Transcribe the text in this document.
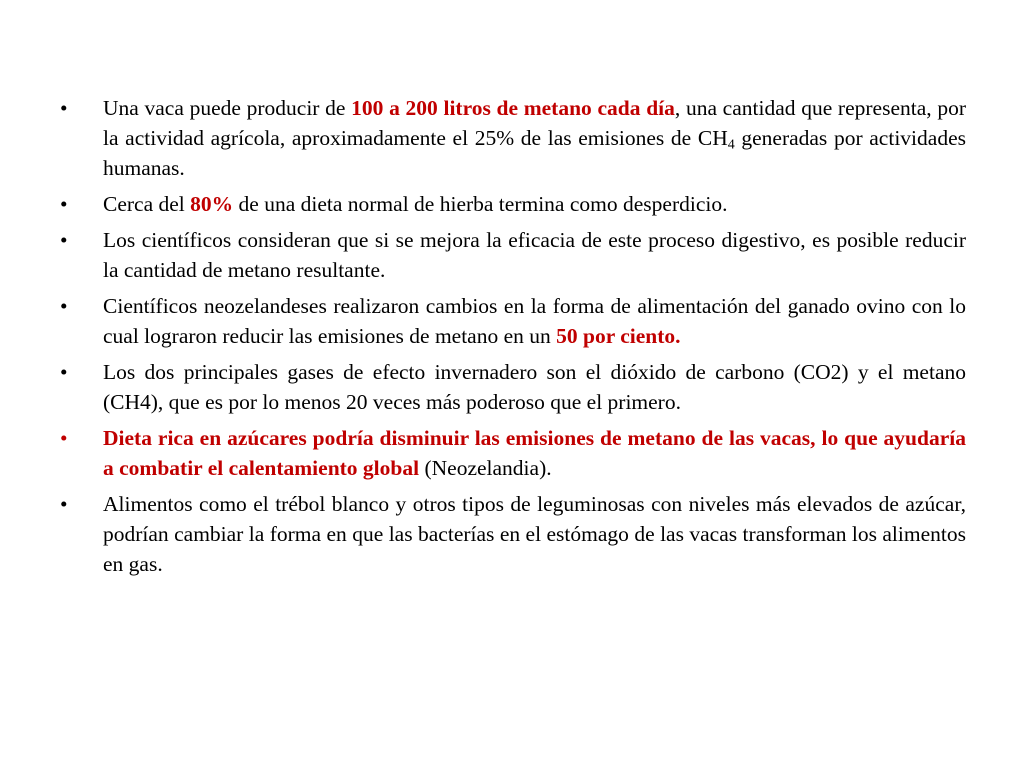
•	Una vaca puede producir de 100 a 200 litros de metano cada día, una cantidad que representa, por la actividad agrícola, aproximadamente el 25% de las emisiones de $CH_4$ generadas por actividades humanas.
•	Cerca del 80% de una dieta normal de hierba termina como desperdicio.
•	Los científicos consideran que si se mejora la eficacia de este proceso digestivo, es posible reducir la cantidad de metano resultante.
•	Científicos neozelandeses realizaron cambios en la forma de alimentación del ganado ovino con lo cual lograron reducir las emisiones de metano en un 50 por ciento.
•	Los dos principales gases de efecto invernadero son el dióxido de carbono (CO2) y el metano (CH4), que es por lo menos 20 veces más poderoso que el primero.
•	Dieta rica en azúcares podría disminuir las emisiones de metano de las vacas, lo que ayudaría a combatir el calentamiento global (Neozelandia).
•	Alimentos como el trébol blanco y otros tipos de leguminosas con niveles más elevados de azúcar, podrían cambiar la forma en que las bacterías en el estómago de las vacas transforman los alimentos en gas.
